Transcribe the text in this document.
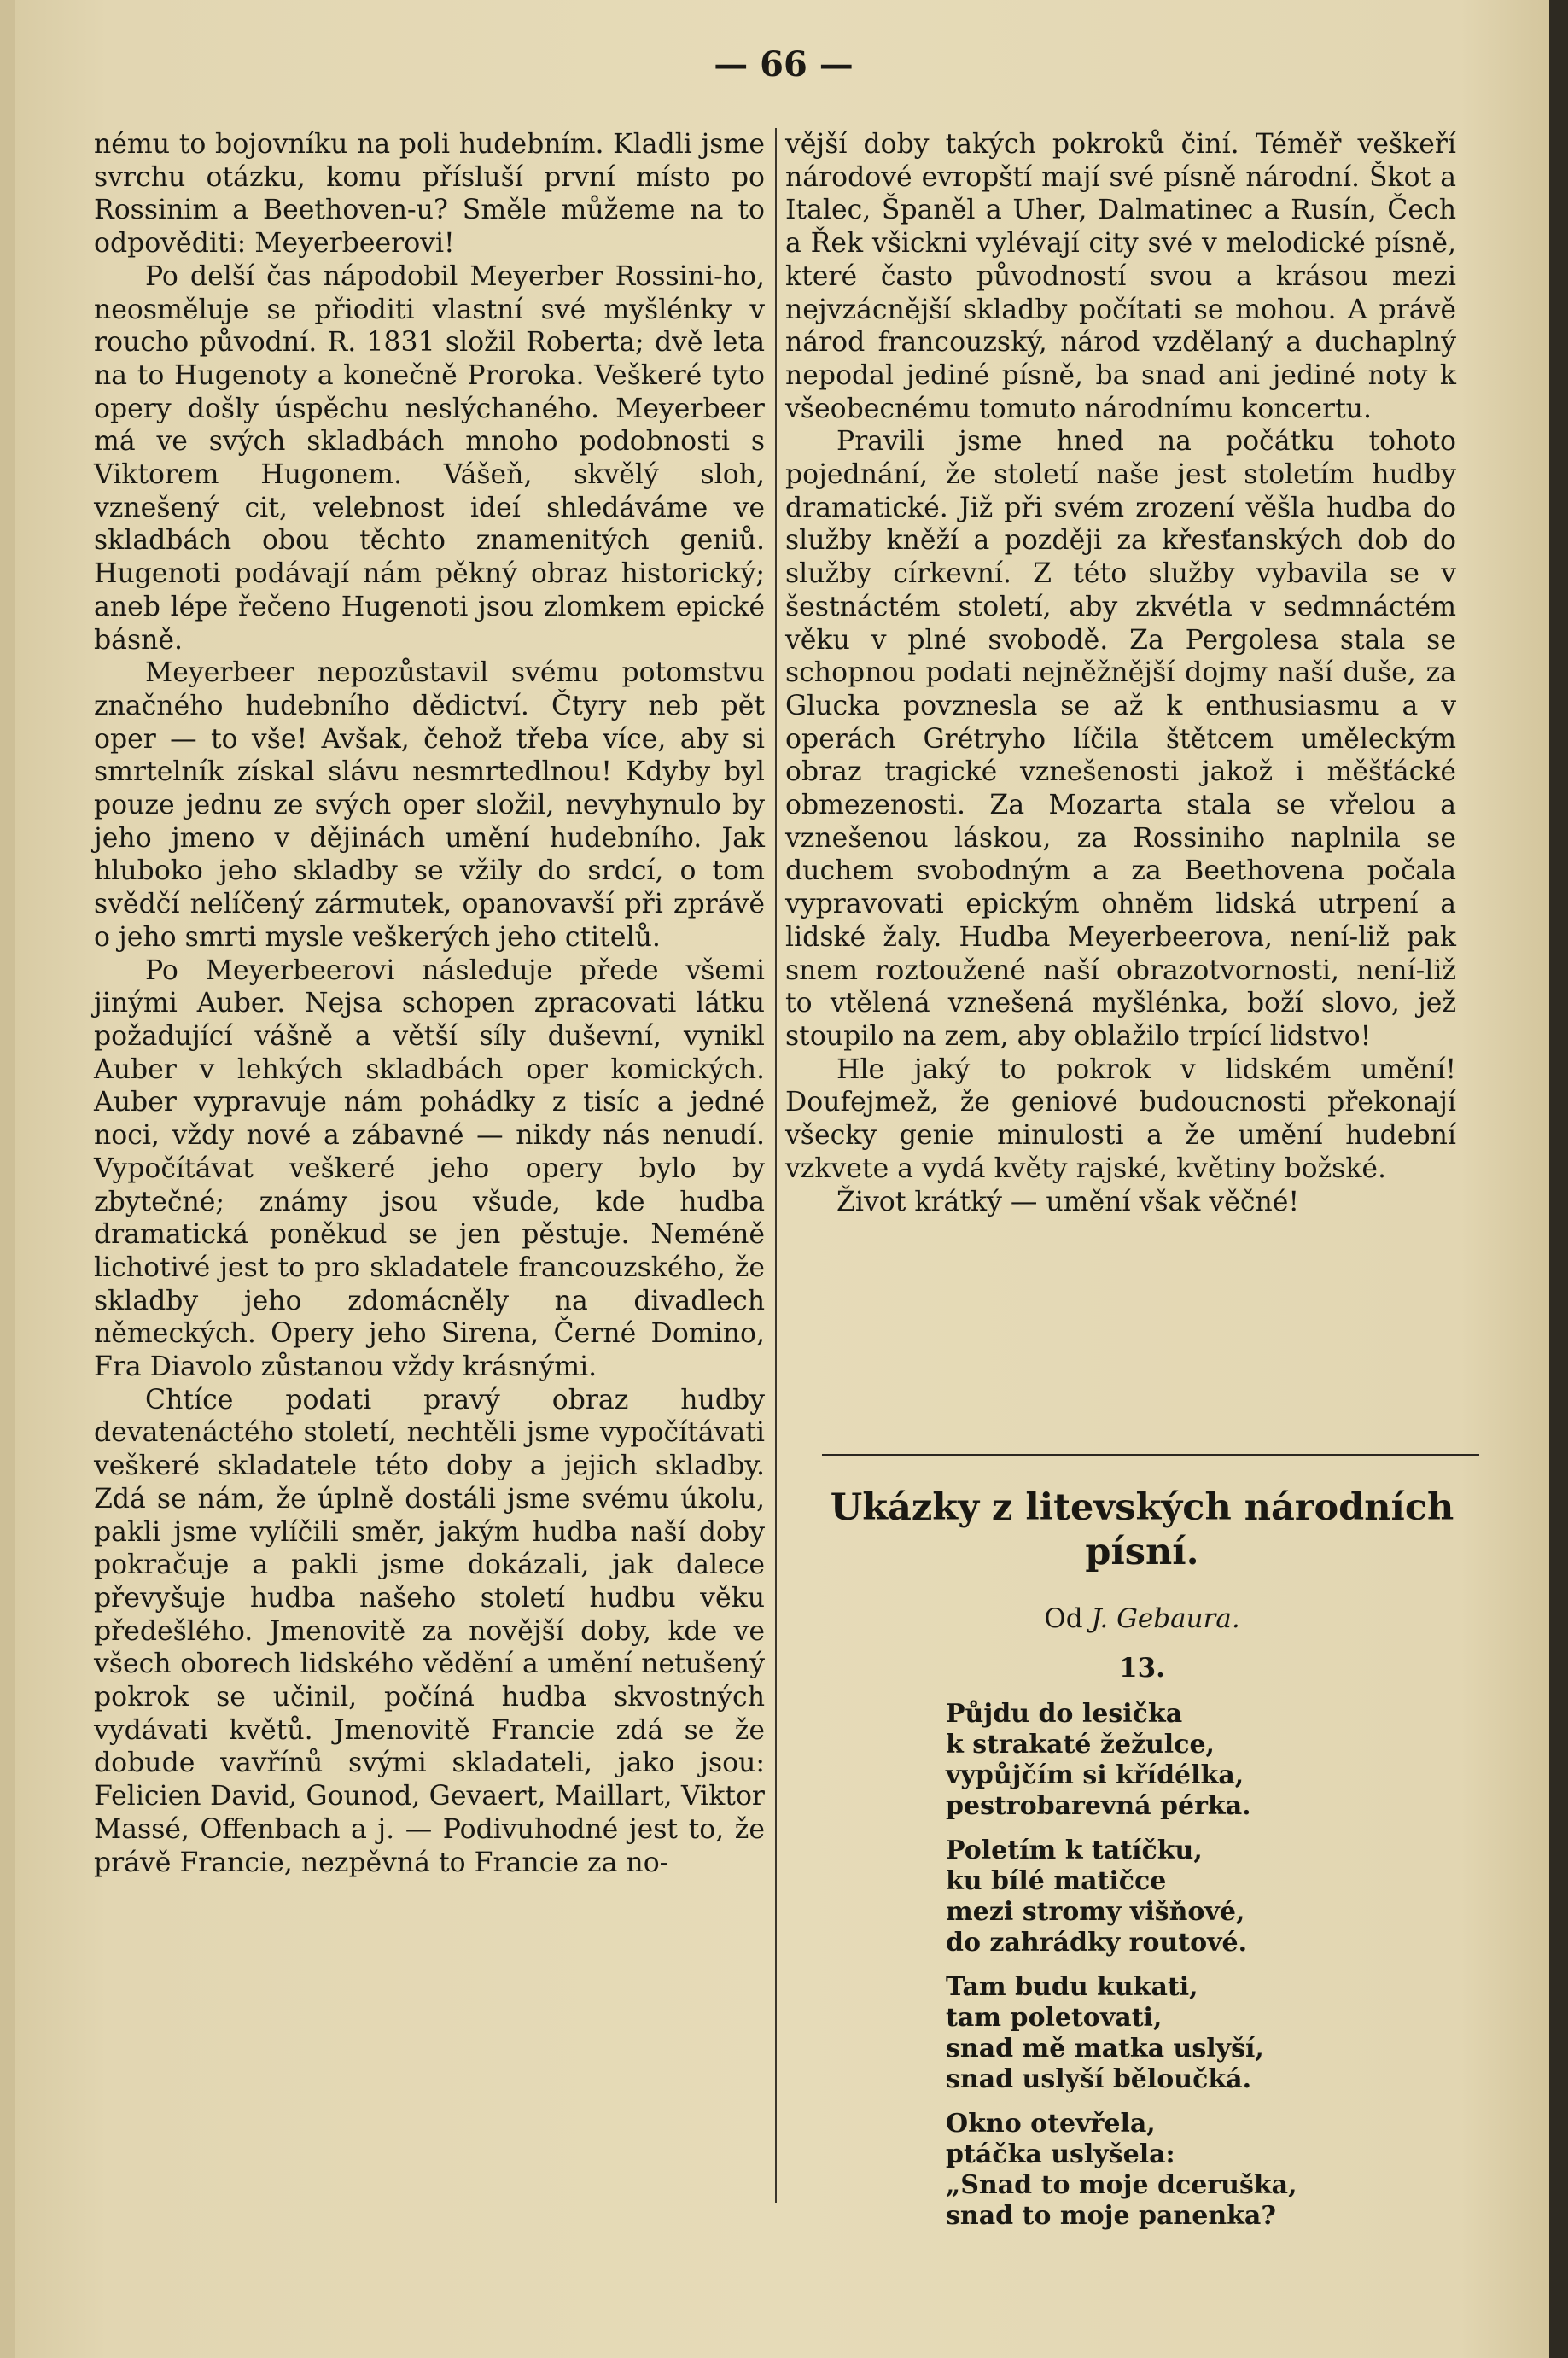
— 66 —

nému to bojovníku na poli hudebním. Kladli jsme svrchu otázku, komu přísluší první místo po Rossinim a Beethoven-u? Směle můžeme na to odpověditi: Meyerbeerovi!

Po delší čas nápodobil Meyerber Rossini-ho, neosměluje se přioditi vlastní své myšlénky v roucho původní. R. 1831 složil Roberta; dvě leta na to Hugenoty a konečně Proroka. Veškeré tyto opery došly úspěchu neslýchaného. Meyerbeer má ve svých skladbách mnoho podobnosti s Viktorem Hugonem. Vášeň, skvělý sloh, vznešený cit, velebnost ideí shledáváme ve skladbách obou těchto znamenitých geniů. Hugenoti podávají nám pěkný obraz historický; aneb lépe řečeno Hugenoti jsou zlomkem epické básně.

Meyerbeer nepozůstavil svému potomstvu značného hudebního dědictví. Čtyry neb pět oper — to vše! Avšak, čehož třeba více, aby si smrtelník získal slávu nesmrtedlnou! Kdyby byl pouze jednu ze svých oper složil, nevyhynulo by jeho jmeno v dějinách umění hudebního. Jak hluboko jeho skladby se vžily do srdcí, o tom svědčí nelíčený zármutek, opanovavší při zprávě o jeho smrti mysle veškerých jeho ctitelů.

Po Meyerbeerovi následuje přede všemi jinými Auber. Nejsa schopen zpracovati látku požadující vášně a větší síly duševní, vynikl Auber v lehkých skladbách oper komických. Auber vypravuje nám pohádky z tisíc a jedné noci, vždy nové a zábavné — nikdy nás nenudí. Vypočítávat veškeré jeho opery bylo by zbytečné; známy jsou všude, kde hudba dramatická poněkud se jen pěstuje. Neméně lichotivé jest to pro skladatele francouzského, že skladby jeho zdomácněly na divadlech německých. Opery jeho Sirena, Černé Domino, Fra Diavolo zůstanou vždy krásnými.

Chtíce podati pravý obraz hudby devatenáctého století, nechtěli jsme vypočítávati veškeré skladatele této doby a jejich skladby. Zdá se nám, že úplně dostáli jsme svému úkolu, pakli jsme vylíčili směr, jakým hudba naší doby pokračuje a pakli jsme dokázali, jak dalece převyšuje hudba našeho století hudbu věku předešlého. Jmenovitě za novější doby, kde ve všech oborech lidského vědění a umění netušený pokrok se učinil, počíná hudba skvostných vydávati květů. Jmenovitě Francie zdá se že dobude vavřínů svými skladateli, jako jsou: Felicien David, Gounod, Gevaert, Maillart, Viktor Massé, Offenbach a j. — Podivuhodné jest to, že právě Francie, nezpěvná to Francie za no-

vější doby takých pokroků činí. Téměř veškeří národové evropští mají své písně národní. Škot a Italec, Španěl a Uher, Dalmatinec a Rusín, Čech a Řek všickni vylévají city své v melodické písně, které často původností svou a krásou mezi nejvzácnější skladby počítati se mohou. A právě národ francouzský, národ vzdělaný a duchaplný nepodal jediné písně, ba snad ani jediné noty k všeobecnému tomuto národnímu koncertu.

Pravili jsme hned na počátku tohoto pojednání, že století naše jest stoletím hudby dramatické. Již při svém zrození věšla hudba do služby kněží a později za křesťanských dob do služby církevní. Z této služby vybavila se v šestnáctém století, aby zkvétla v sedmnáctém věku v plné svobodě. Za Pergolesa stala se schopnou podati nejněžnější dojmy naší duše, za Glucka povznesla se až k enthusiasmu a v operách Grétryho líčila štětcem uměleckým obraz tragické vznešenosti jakož i měšťácké obmezenosti. Za Mozarta stala se vřelou a vznešenou láskou, za Rossiniho naplnila se duchem svobodným a za Beethovena počala vypravovati epickým ohněm lidská utrpení a lidské žaly. Hudba Meyerbeerova, není-liž pak snem roztoužené naší obrazotvornosti, není-liž to vtělená vznešená myšlénka, boží slovo, jež stoupilo na zem, aby oblažilo trpící lidstvo!

Hle jaký to pokrok v lidském umění! Doufejmež, že geniové budoucnosti překonají všecky genie minulosti a že umění hudební vzkvete a vydá květy rajské, květiny božské.

Život krátký — umění však věčné!

Ukázky z litevských národních písní.
Od J. Gebaura.
13.
Půjdu do lesička
k strakaté žežulce,
vypůjčím si křídélka,
pestrobarevná pérka.
Poletím k tatíčku,
ku bílé matičce
mezi stromy višňové,
do zahrádky routové.
Tam budu kukati,
tam poletovati,
snad mě matka uslyší,
snad uslyší běloučká.
Okno otevřela,
ptáčka uslyšela:
„Snad to moje dceruška,
snad to moje panenka?
